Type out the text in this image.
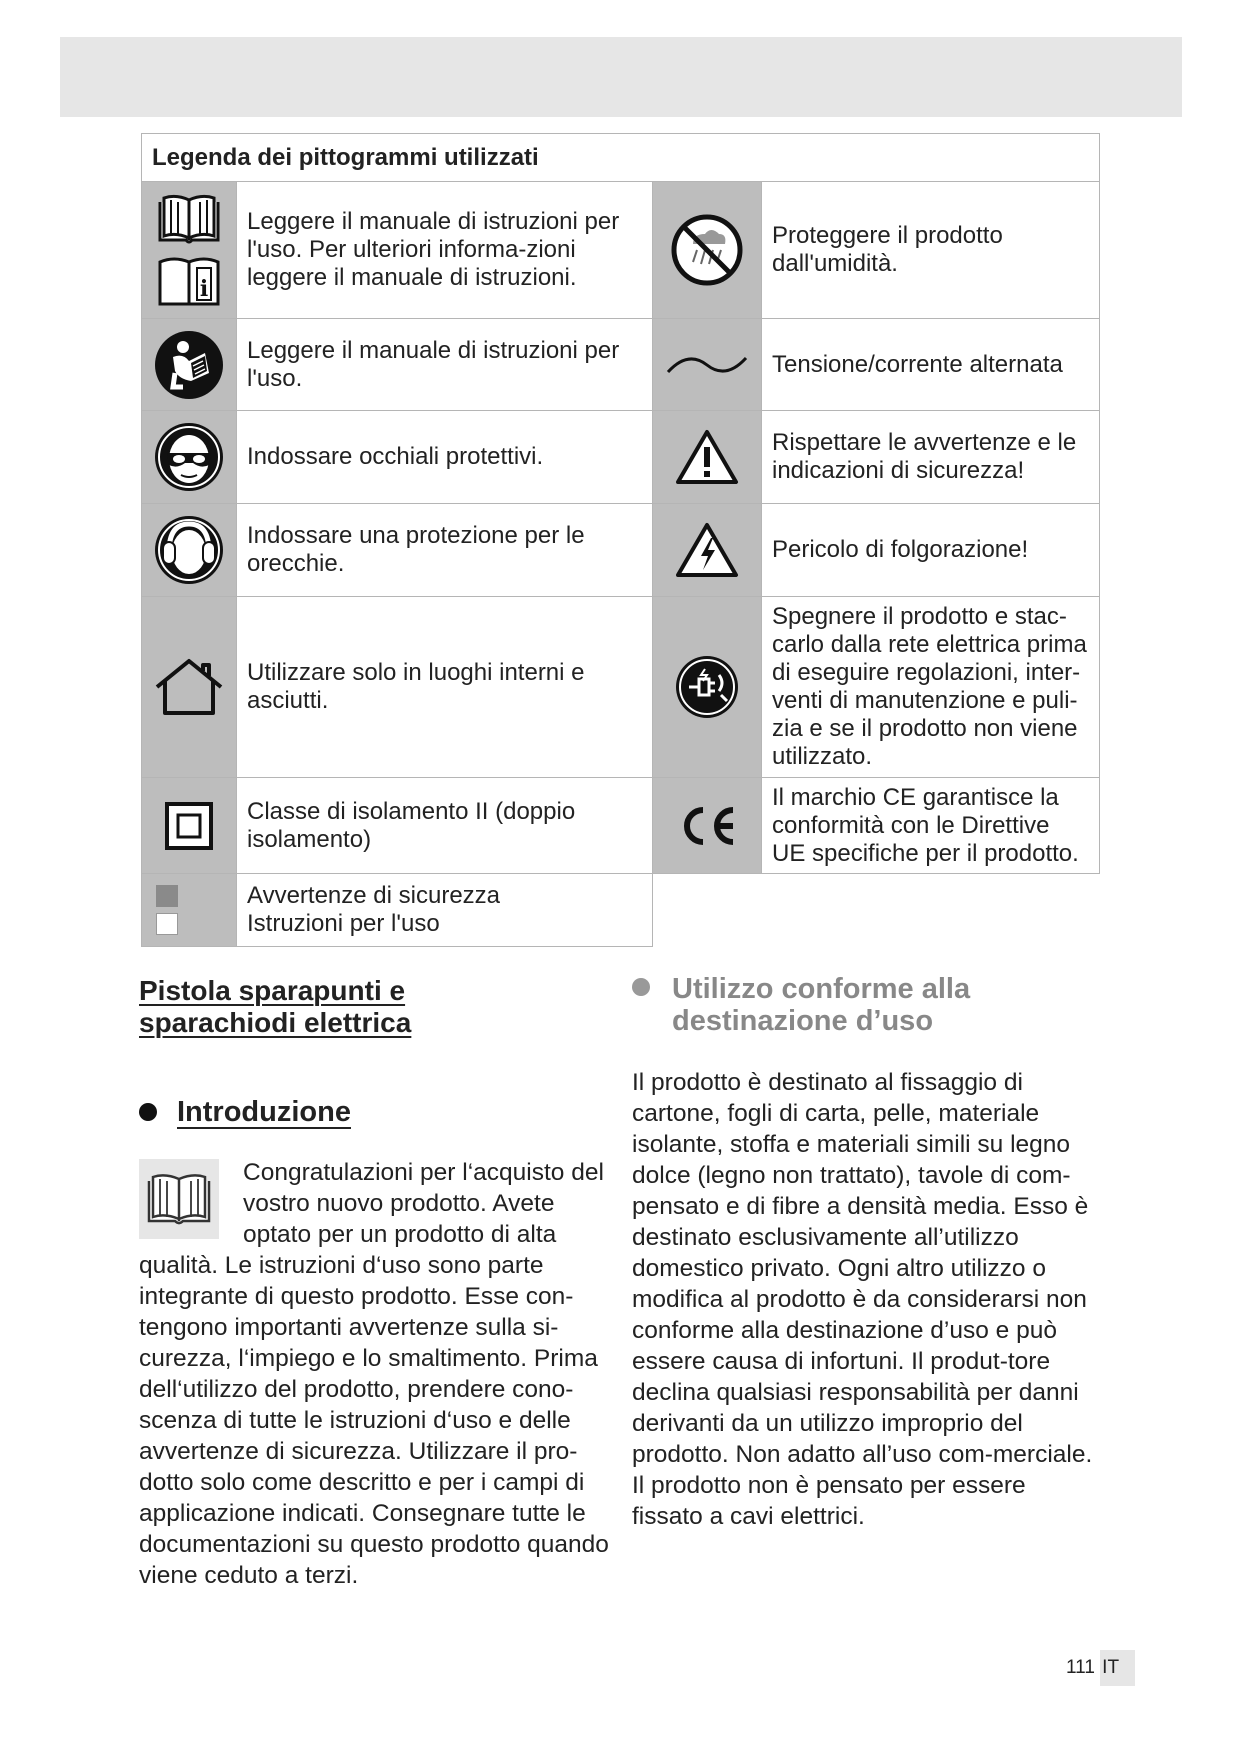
Legenda dei pittogrammi utilizzati			

i	Leggere il manuale di istruzioni per l'uso. Per ulteriori informa-zioni leggere il manuale di istruzioni.		Proteggere il prodotto dall'umidità.

	Leggere il manuale di istruzioni per l'uso.		Tensione/corrente alternata

	Indossare occhiali protettivi.		Rispettare le avvertenze e le indicazioni di sicurezza!

	Indossare una protezione per le orecchie.		Pericolo di folgorazione!

	Utilizzare solo in luoghi interni e asciutti.		Spegnere il prodotto e stac-carlo dalla rete elettrica prima di eseguire regolazioni, inter-venti di manutenzione e puli-zia e se il prodotto non viene utilizzato.

	Classe di isolamento II (doppio isolamento)		Il marchio CE garantisce la conformità con le Direttive UE specifiche per il prodotto.

	Avvertenze di sicurezza
Istruzioni per l'uso		

Pistola sparapunti e
sparachiodi elettrica
Introduzione
Congratulazioni per l‘acquisto del vostro nuovo prodotto. Avete optato per un prodotto di alta qualità. Le istruzioni d‘uso sono parte integrante di questo prodotto. Esse con-tengono importanti avvertenze sulla si-curezza, l‘impiego e lo smaltimento. Prima dell‘utilizzo del prodotto, prendere cono-scenza di tutte le istruzioni d‘uso e delle avvertenze di sicurezza. Utilizzare il pro-dotto solo come descritto e per i campi di applicazione indicati. Consegnare tutte le documentazioni su questo prodotto quando viene ceduto a terzi.
Utilizzo conforme alla
destinazione d’uso
Il prodotto è destinato al fissaggio di cartone, fogli di carta, pelle, materiale isolante, stoffa e materiali simili su legno dolce (legno non trattato), tavole di com-pensato e di fibre a densità media. Esso è destinato esclusivamente all’utilizzo domestico privato. Ogni altro utilizzo o modifica al prodotto è da considerarsi non conforme alla destinazione d’uso e può essere causa di infortuni. Il produt-tore declina qualsiasi responsabilità per danni derivanti da un utilizzo improprio del prodotto. Non adatto all’uso com-merciale. Il prodotto non è pensato per essere fissato a cavi elettrici.
111 IT
